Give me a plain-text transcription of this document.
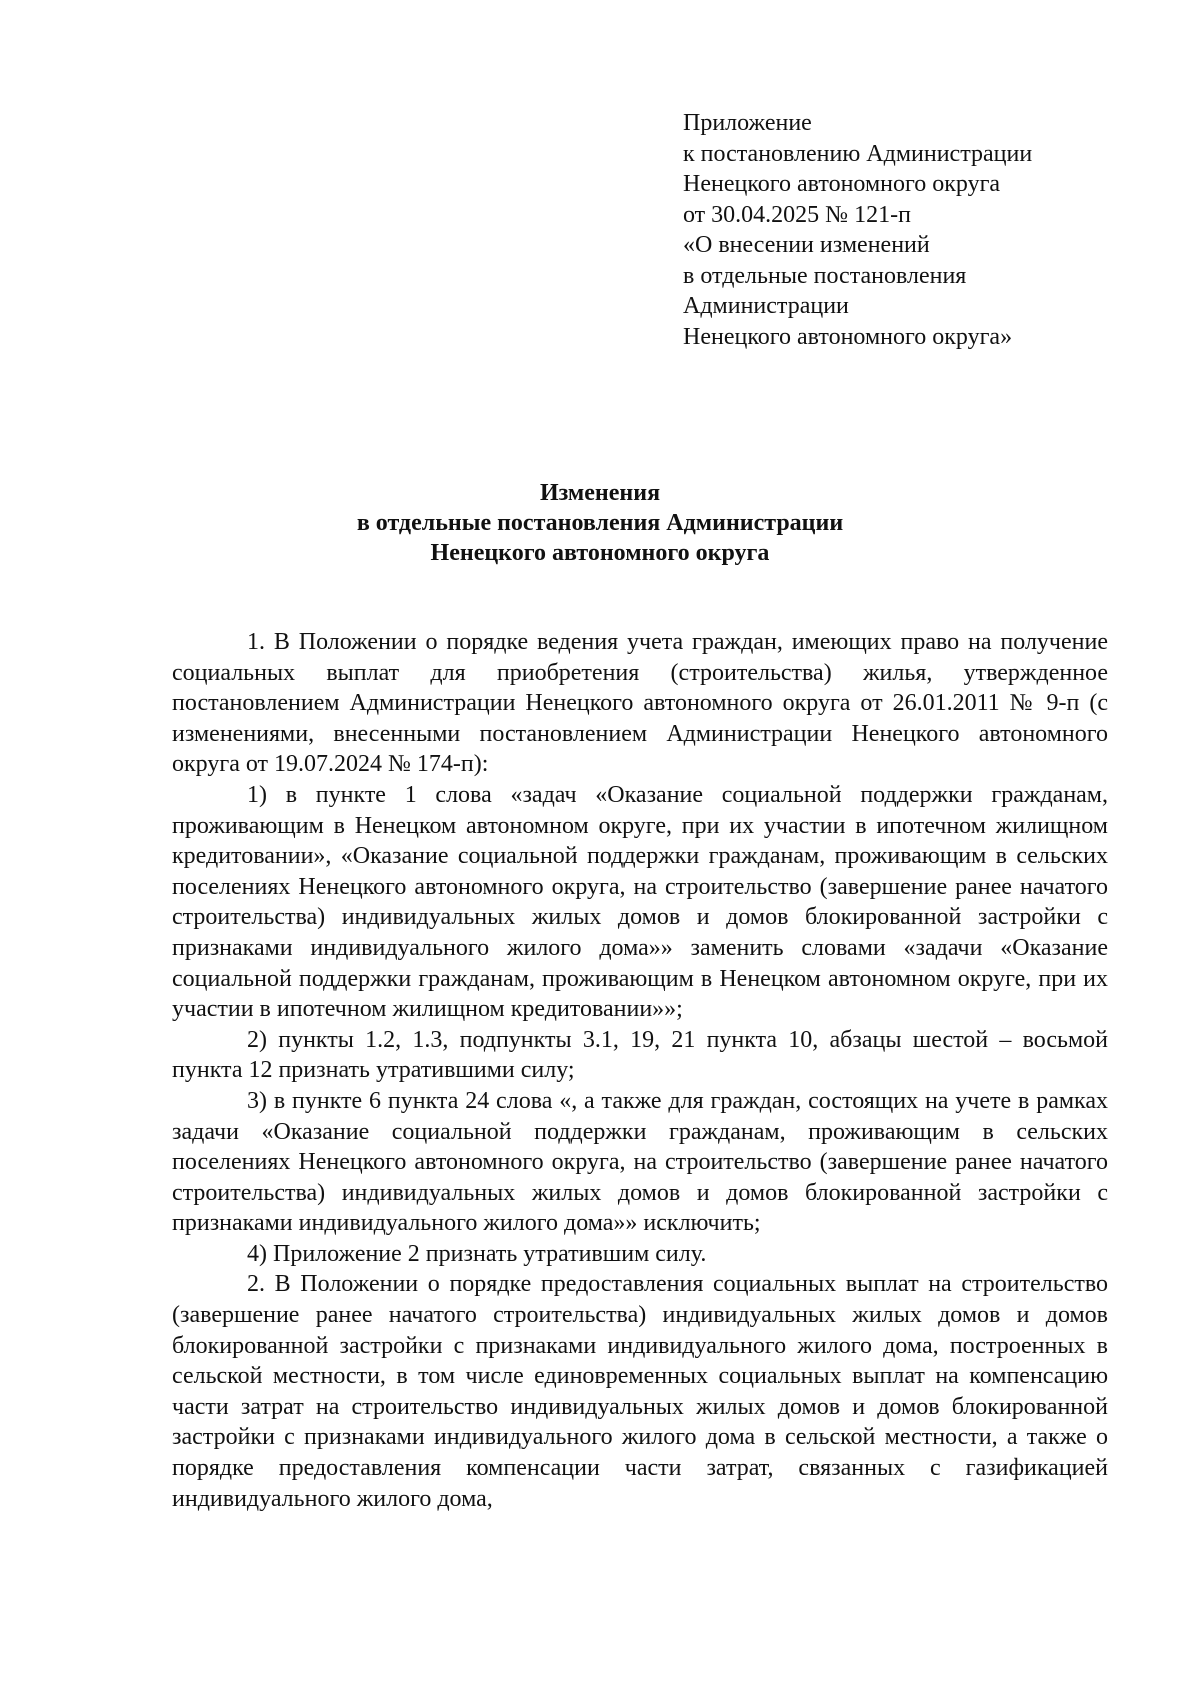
Приложение
к постановлению Администрации
Ненецкого автономного округа
от 30.04.2025 № 121-п
«О внесении изменений
в отдельные постановления
Администрации
Ненецкого автономного округа»
Изменения
в отдельные постановления Администрации
Ненецкого автономного округа

1. В Положении о порядке ведения учета граждан, имеющих право на получение социальных выплат для приобретения (строительства) жилья, утвержденное постановлением Администрации Ненецкого автономного округа от 26.01.2011 № 9-п (с изменениями, внесенными постановлением Администрации Ненецкого автономного округа от 19.07.2024 № 174-п):

1) в пункте 1 слова «задач «Оказание социальной поддержки гражданам, проживающим в Ненецком автономном округе, при их участии в ипотечном жилищном кредитовании», «Оказание социальной поддержки гражданам, проживающим в сельских поселениях Ненецкого автономного округа, на строительство (завершение ранее начатого строительства) индивидуальных жилых домов и домов блокированной застройки с признаками индивидуального жилого дома»» заменить словами «задачи «Оказание социальной поддержки гражданам, проживающим в Ненецком автономном округе, при их участии в ипотечном жилищном кредитовании»»;

2) пункты 1.2, 1.3, подпункты 3.1, 19, 21 пункта 10, абзацы шестой – восьмой пункта 12 признать утратившими силу;

3) в пункте 6 пункта 24 слова «, а также для граждан, состоящих на учете в рамках задачи «Оказание социальной поддержки гражданам, проживающим в сельских поселениях Ненецкого автономного округа, на строительство (завершение ранее начатого строительства) индивидуальных жилых домов и домов блокированной застройки с признаками индивидуального жилого дома»» исключить;

4) Приложение 2 признать утратившим силу.

2. В Положении о порядке предоставления социальных выплат на строительство (завершение ранее начатого строительства) индивидуальных жилых домов и домов блокированной застройки с признаками индивидуального жилого дома, построенных в сельской местности, в том числе единовременных социальных выплат на компенсацию части затрат на строительство индивидуальных жилых домов и домов блокированной застройки с признаками индивидуального жилого дома в сельской местности, а также о порядке предоставления компенсации части затрат, связанных с газификацией индивидуального жилого дома,
